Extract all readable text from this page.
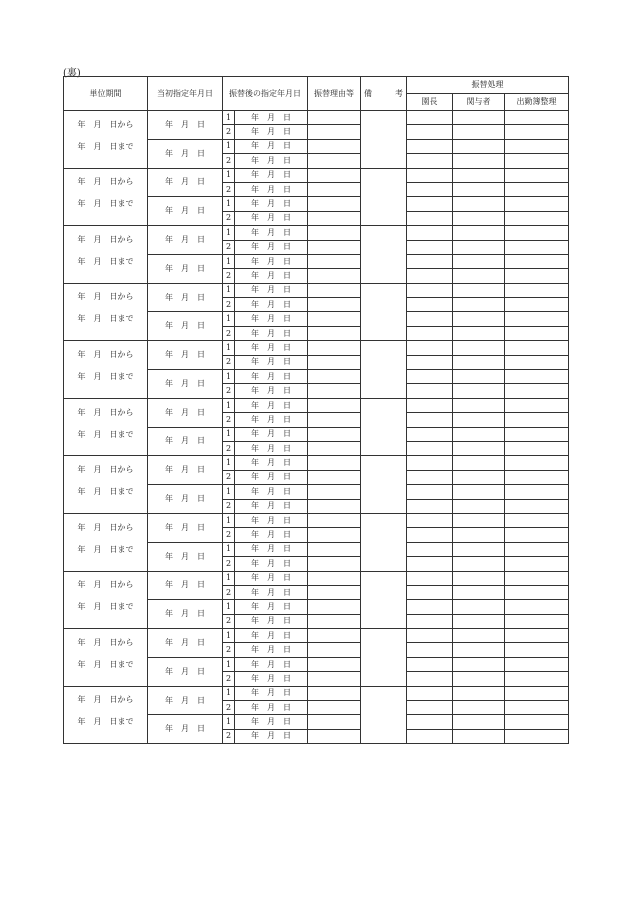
(裏)
単位期間	当初指定年月日	振替後の指定年月日		振替理由等	備 考	振替処理		
						園長	関与者	出勤簿整理

年　月　日から
年　月　日まで	年　月　日	1	年　月　日					
		2	年　月　日					
	年　月　日	1	年　月　日					
		2	年　月　日					

年　月　日から
年　月　日まで	年　月　日	1	年　月　日					
		2	年　月　日					
	年　月　日	1	年　月　日					
		2	年　月　日					

年　月　日から
年　月　日まで	年　月　日	1	年　月　日					
		2	年　月　日					
	年　月　日	1	年　月　日					
		2	年　月　日					

年　月　日から
年　月　日まで	年　月　日	1	年　月　日					
		2	年　月　日					
	年　月　日	1	年　月　日					
		2	年　月　日					

年　月　日から
年　月　日まで	年　月　日	1	年　月　日					
		2	年　月　日					
	年　月　日	1	年　月　日					
		2	年　月　日					

年　月　日から
年　月　日まで	年　月　日	1	年　月　日					
		2	年　月　日					
	年　月　日	1	年　月　日					
		2	年　月　日					

年　月　日から
年　月　日まで	年　月　日	1	年　月　日					
		2	年　月　日					
	年　月　日	1	年　月　日					
		2	年　月　日					

年　月　日から
年　月　日まで	年　月　日	1	年　月　日					
		2	年　月　日					
	年　月　日	1	年　月　日					
		2	年　月　日					

年　月　日から
年　月　日まで	年　月　日	1	年　月　日					
		2	年　月　日					
	年　月　日	1	年　月　日					
		2	年　月　日					

年　月　日から
年　月　日まで	年　月　日	1	年　月　日					
		2	年　月　日					
	年　月　日	1	年　月　日					
		2	年　月　日					

年　月　日から
年　月　日まで	年　月　日	1	年　月　日					
		2	年　月　日					
	年　月　日	1	年　月　日					
		2	年　月　日					
